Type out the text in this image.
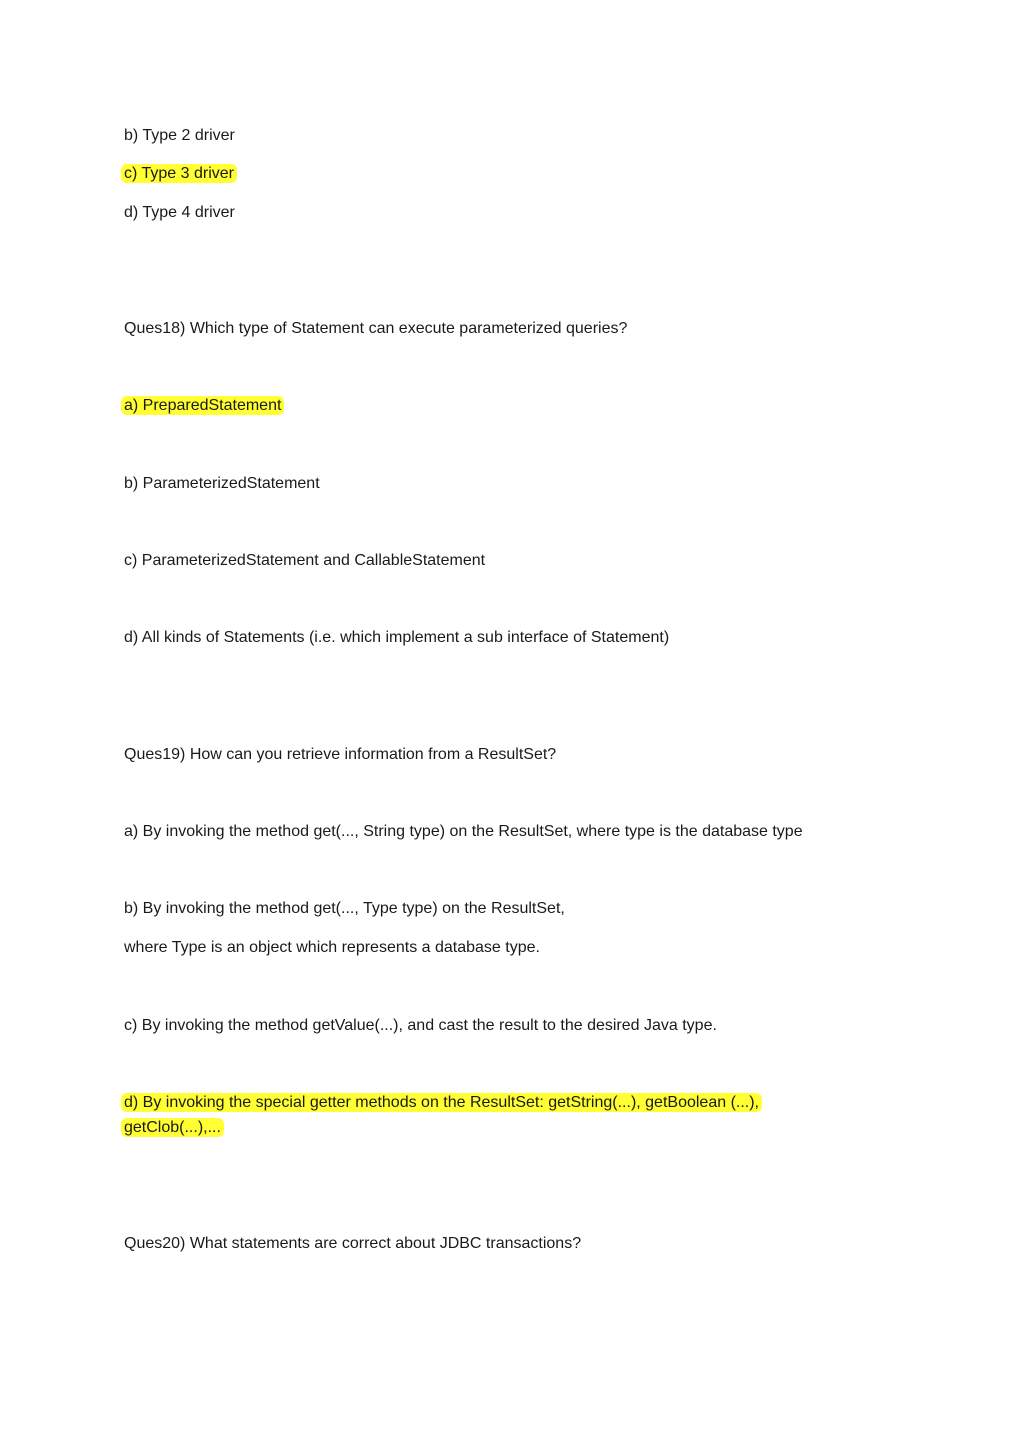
b) Type 2 driver
c) Type 3 driver
d) Type 4 driver
Ques18) Which type of Statement can execute parameterized queries?
a) PreparedStatement
b) ParameterizedStatement
c) ParameterizedStatement and CallableStatement
d) All kinds of Statements (i.e. which implement a sub interface of Statement)
Ques19) How can you retrieve information from a ResultSet?
a) By invoking the method get(..., String type) on the ResultSet, where type is the database type
b) By invoking the method get(..., Type type) on the ResultSet,
where Type is an object which represents a database type.
c) By invoking the method getValue(...), and cast the result to the desired Java type.
d) By invoking the special getter methods on the ResultSet: getString(...), getBoolean (...),
getClob(...),...
Ques20) What statements are correct about JDBC transactions?
